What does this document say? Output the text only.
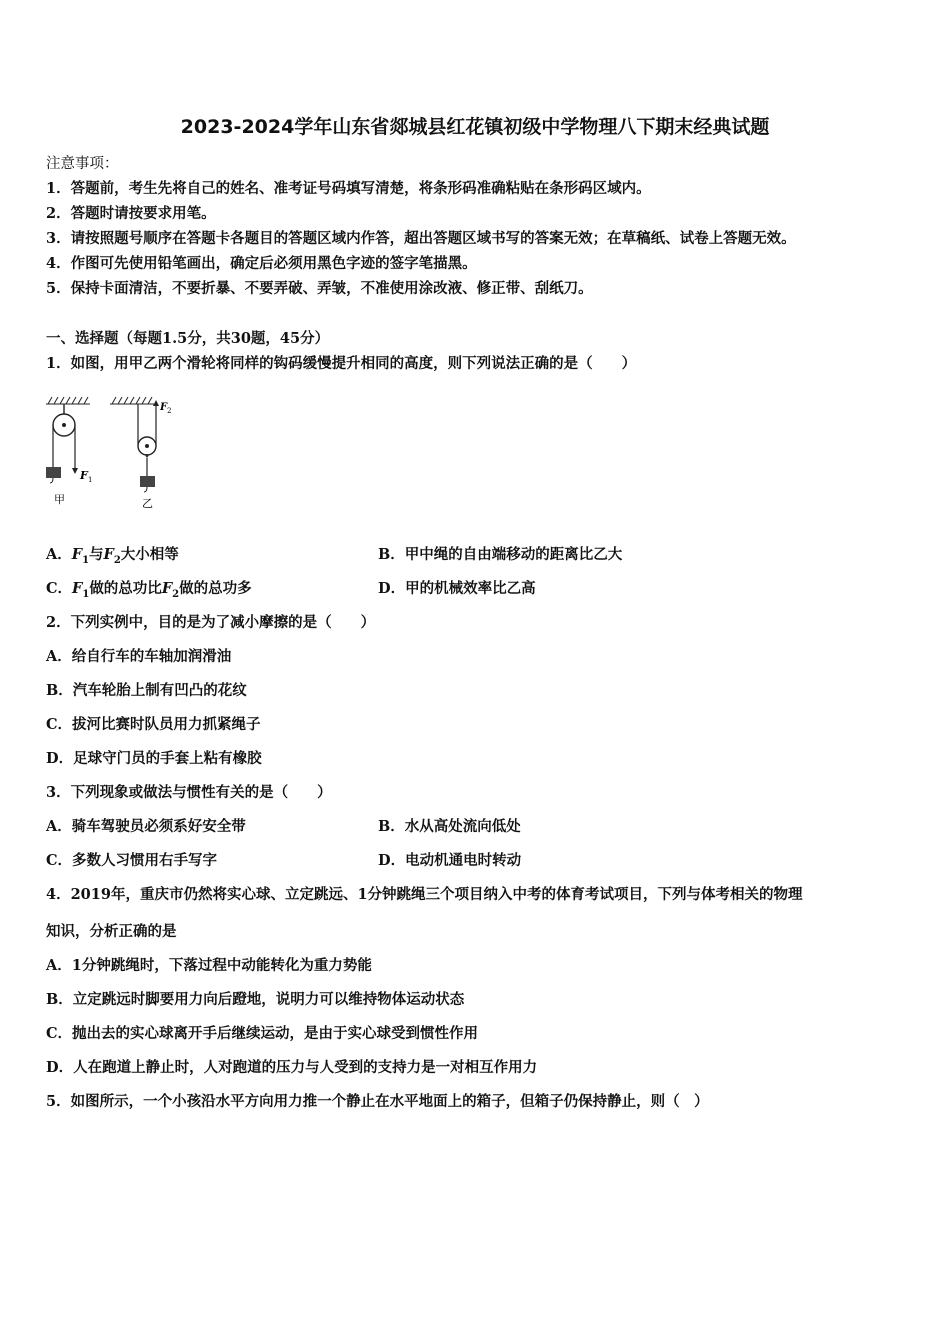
2023-2024学年山东省郯城县红花镇初级中学物理八下期末经典试题
注意事项：
1．答题前，考生先将自己的姓名、准考证号码填写清楚，将条形码准确粘贴在条形码区域内。
2．答题时请按要求用笔。
3．请按照题号顺序在答题卡各题目的答题区域内作答，超出答题区域书写的答案无效；在草稿纸、试卷上答题无效。
4．作图可先使用铅笔画出，确定后必须用黑色字迹的签字笔描黑。
5．保持卡面清洁，不要折暴、不要弄破、弄皱，不准使用涂改液、修正带、刮纸刀。
一、选择题（每题1.5分，共30题，45分）
1．如图，用甲乙两个滑轮将同样的钩码缓慢提升相同的高度，则下列说法正确的是（　　）
F 1
甲
F 2
乙
A．$F_1$与$F_2$大小相等	B．甲中绳的自由端移动的距离比乙大
C．$F_1$做的总功比$F_2$做的总功多	D．甲的机械效率比乙高
2．下列实例中，目的是为了减小摩擦的是（　　）
A．给自行车的车轴加润滑油
B．汽车轮胎上制有凹凸的花纹
C．拔河比赛时队员用力抓紧绳子
D．足球守门员的手套上粘有橡胶
3．下列现象或做法与惯性有关的是（　　）
A．骑车驾驶员必须系好安全带	B．水从高处流向低处
C．多数人习惯用右手写字	D．电动机通电时转动
4．2019年，重庆市仍然将实心球、立定跳远、1分钟跳绳三个项目纳入中考的体育考试项目，下列与体考相关的物理
知识，分析正确的是
A．1分钟跳绳时，下落过程中动能转化为重力势能
B．立定跳远时脚要用力向后蹬地，说明力可以维持物体运动状态
C．抛出去的实心球离开手后继续运动，是由于实心球受到惯性作用
D．人在跑道上静止时，人对跑道的压力与人受到的支持力是一对相互作用力
5．如图所示，一个小孩沿水平方向用力推一个静止在水平地面上的箱子，但箱子仍保持静止，则（　）
